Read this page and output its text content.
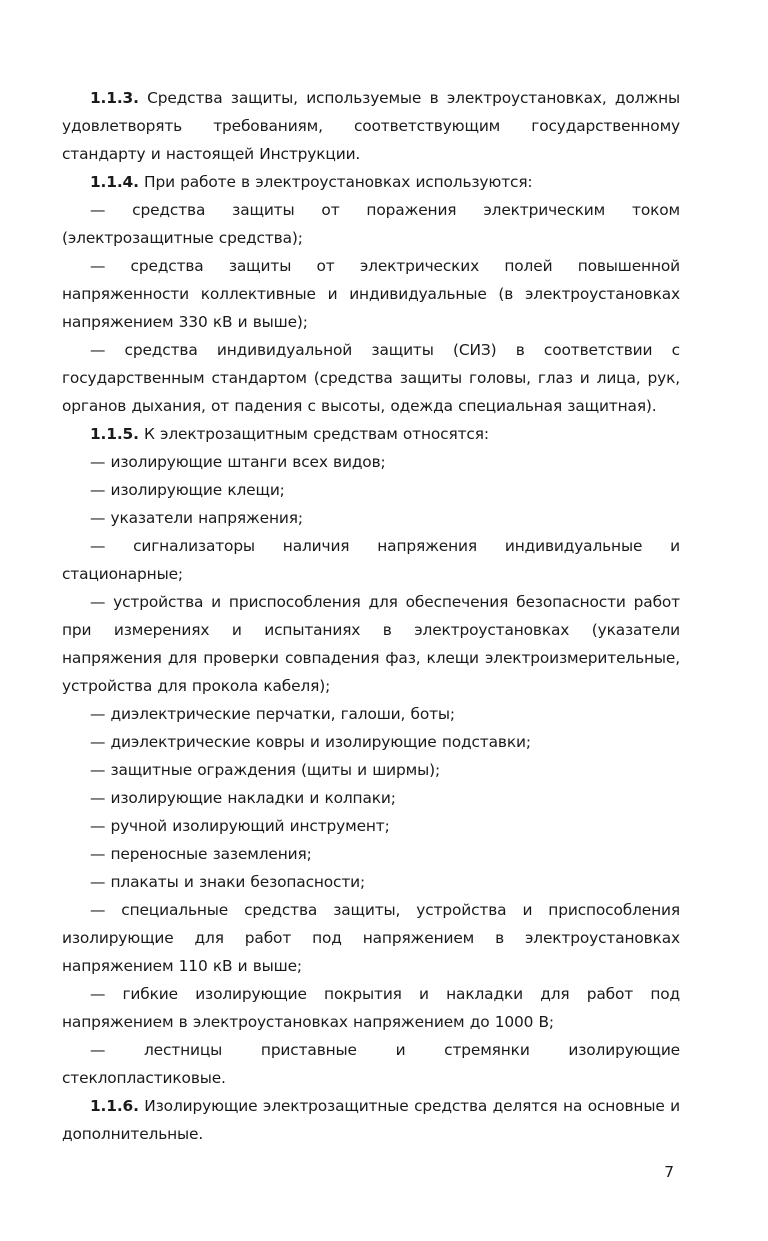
1.1.3. Средства защиты, используемые в электроустановках, должны удовлетворять требованиям, соответствующим государственному стандарту и настоящей Инструкции.

1.1.4. При работе в электроустановках используются:

— средства защиты от поражения электрическим током (электрозащитные средства);

— средства защиты от электрических полей повышенной напряженности коллективные и индивидуальные (в электроустановках напряжением 330 кВ и выше);

— средства индивидуальной защиты (СИЗ) в соответствии с государственным стандартом (средства защиты головы, глаз и лица, рук, органов дыхания, от падения с высоты, одежда специальная защитная).

1.1.5. К электрозащитным средствам относятся:

— изолирующие штанги всех видов;

— изолирующие клещи;

— указатели напряжения;

— сигнализаторы наличия напряжения индивидуальные и стационарные;

— устройства и приспособления для обеспечения безопасности работ при измерениях и испытаниях в электроустановках (указатели напряжения для проверки совпадения фаз, клещи электроизмерительные, устройства для прокола кабеля);

— диэлектрические перчатки, галоши, боты;

— диэлектрические ковры и изолирующие подставки;

— защитные ограждения (щиты и ширмы);

— изолирующие накладки и колпаки;

— ручной изолирующий инструмент;

— переносные заземления;

— плакаты и знаки безопасности;

— специальные средства защиты, устройства и приспособления изолирующие для работ под напряжением в электроустановках напряжением 110 кВ и выше;

— гибкие изолирующие покрытия и накладки для работ под напряжением в электроустановках напряжением до 1000 В;

— лестницы приставные и стремянки изолирующие стеклопластиковые.

1.1.6. Изолирующие электрозащитные средства делятся на основные и дополнительные.

7
